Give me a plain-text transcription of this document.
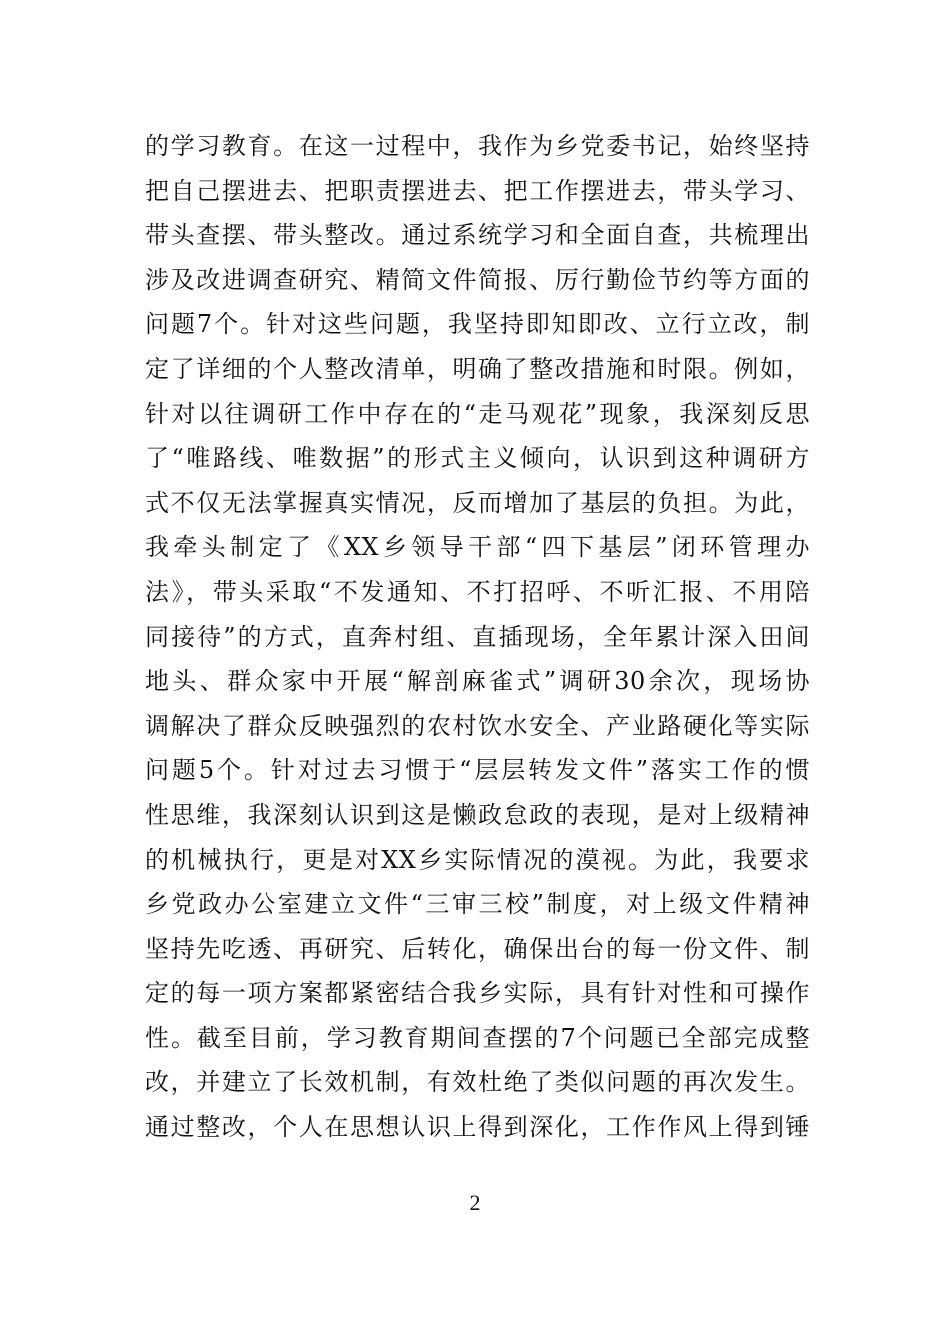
的学习教育。在这一过程中，我作为乡党委书记，始终坚持
把自己摆进去、把职责摆进去、把工作摆进去，带头学习、
带头查摆、带头整改。通过系统学习和全面自查，共梳理出
涉及改进调查研究、精简文件简报、厉行勤俭节约等方面的
问题7个。针对这些问题，我坚持即知即改、立行立改，制
定了详细的个人整改清单，明确了整改措施和时限。例如，
针对以往调研工作中存在的“走马观花”现象，我深刻反思
了“唯路线、唯数据”的形式主义倾向，认识到这种调研方
式不仅无法掌握真实情况，反而增加了基层的负担。为此，
我牵头制定了《XX乡领导干部“四下基层”闭环管理办
法》，带头采取“不发通知、不打招呼、不听汇报、不用陪
同接待”的方式，直奔村组、直插现场，全年累计深入田间
地头、群众家中开展“解剖麻雀式”调研30余次，现场协
调解决了群众反映强烈的农村饮水安全、产业路硬化等实际
问题5个。针对过去习惯于“层层转发文件”落实工作的惯
性思维，我深刻认识到这是懒政怠政的表现，是对上级精神
的机械执行，更是对XX乡实际情况的漠视。为此，我要求
乡党政办公室建立文件“三审三校”制度，对上级文件精神
坚持先吃透、再研究、后转化，确保出台的每一份文件、制
定的每一项方案都紧密结合我乡实际，具有针对性和可操作
性。截至目前，学习教育期间查摆的7个问题已全部完成整
改，并建立了长效机制，有效杜绝了类似问题的再次发生。
通过整改，个人在思想认识上得到深化，工作作风上得到锤
2
